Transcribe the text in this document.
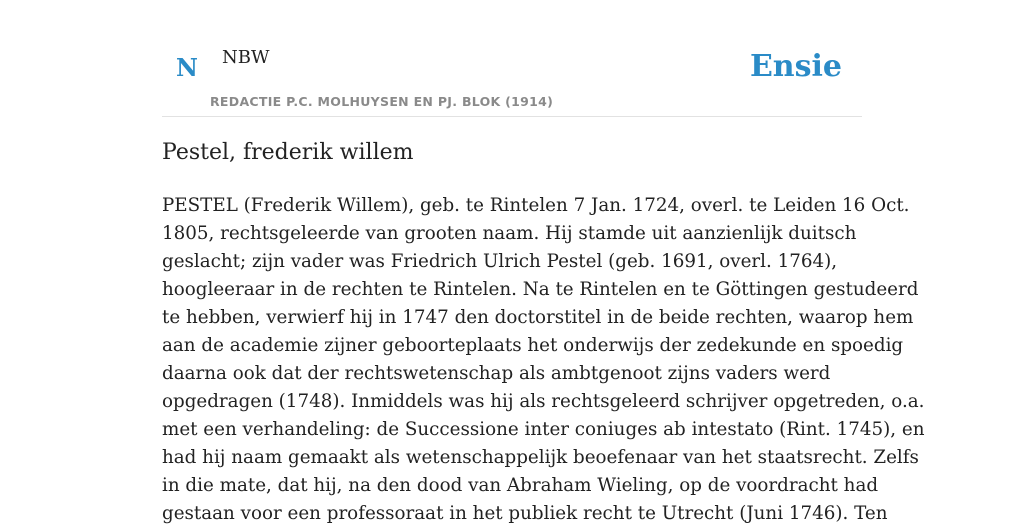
N NBW
REDACTIE P.C. MOLHUYSEN EN PJ. BLOK (1914)
Ensie
Pestel, frederik willem
PESTEL (Frederik Willem), geb. te Rintelen 7 Jan. 1724, overl. te Leiden 16 Oct.
1805, rechtsgeleerde van grooten naam. Hij stamde uit aanzienlijk duitsch
geslacht; zijn vader was Friedrich Ulrich Pestel (geb. 1691, overl. 1764),
hoogleeraar in de rechten te Rintelen. Na te Rintelen en te Göttingen gestudeerd
te hebben, verwierf hij in 1747 den doctorstitel in de beide rechten, waarop hem
aan de academie zijner geboorteplaats het onderwijs der zedekunde en spoedig
daarna ook dat der rechtswetenschap als ambtgenoot zijns vaders werd
opgedragen (1748). Inmiddels was hij als rechtsgeleerd schrijver opgetreden, o.a.
met een verhandeling: de Successione inter coniuges ab intestato (Rint. 1745), en
had hij naam gemaakt als wetenschappelijk beoefenaar van het staatsrecht. Zelfs
in die mate, dat hij, na den dood van Abraham Wieling, op de voordracht had
gestaan voor een professoraat in het publiek recht te Utrecht (Juni 1746). Ten
